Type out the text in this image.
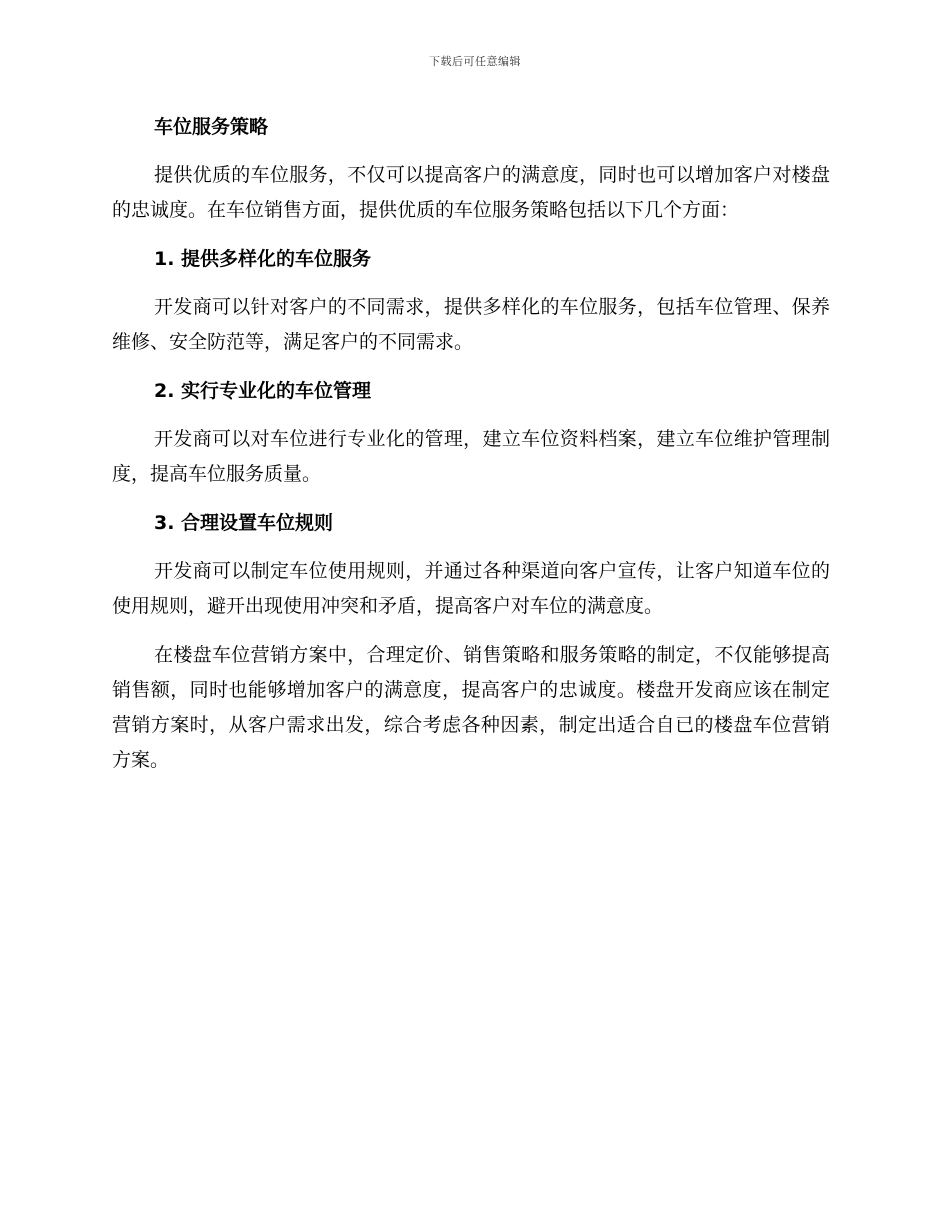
下载后可任意编辑
车位服务策略

提供优质的车位服务，不仅可以提高客户的满意度，同时也可以增加客户对楼盘的忠诚度。在车位销售方面，提供优质的车位服务策略包括以下几个方面：

1. 提供多样化的车位服务

开发商可以针对客户的不同需求，提供多样化的车位服务，包括车位管理、保养维修、安全防范等，满足客户的不同需求。

2. 实行专业化的车位管理

开发商可以对车位进行专业化的管理，建立车位资料档案，建立车位维护管理制度，提高车位服务质量。

3. 合理设置车位规则

开发商可以制定车位使用规则，并通过各种渠道向客户宣传，让客户知道车位的使用规则，避开出现使用冲突和矛盾，提高客户对车位的满意度。

在楼盘车位营销方案中，合理定价、销售策略和服务策略的制定，不仅能够提高销售额，同时也能够增加客户的满意度，提高客户的忠诚度。楼盘开发商应该在制定营销方案时，从客户需求出发，综合考虑各种因素，制定出适合自已的楼盘车位营销方案。
